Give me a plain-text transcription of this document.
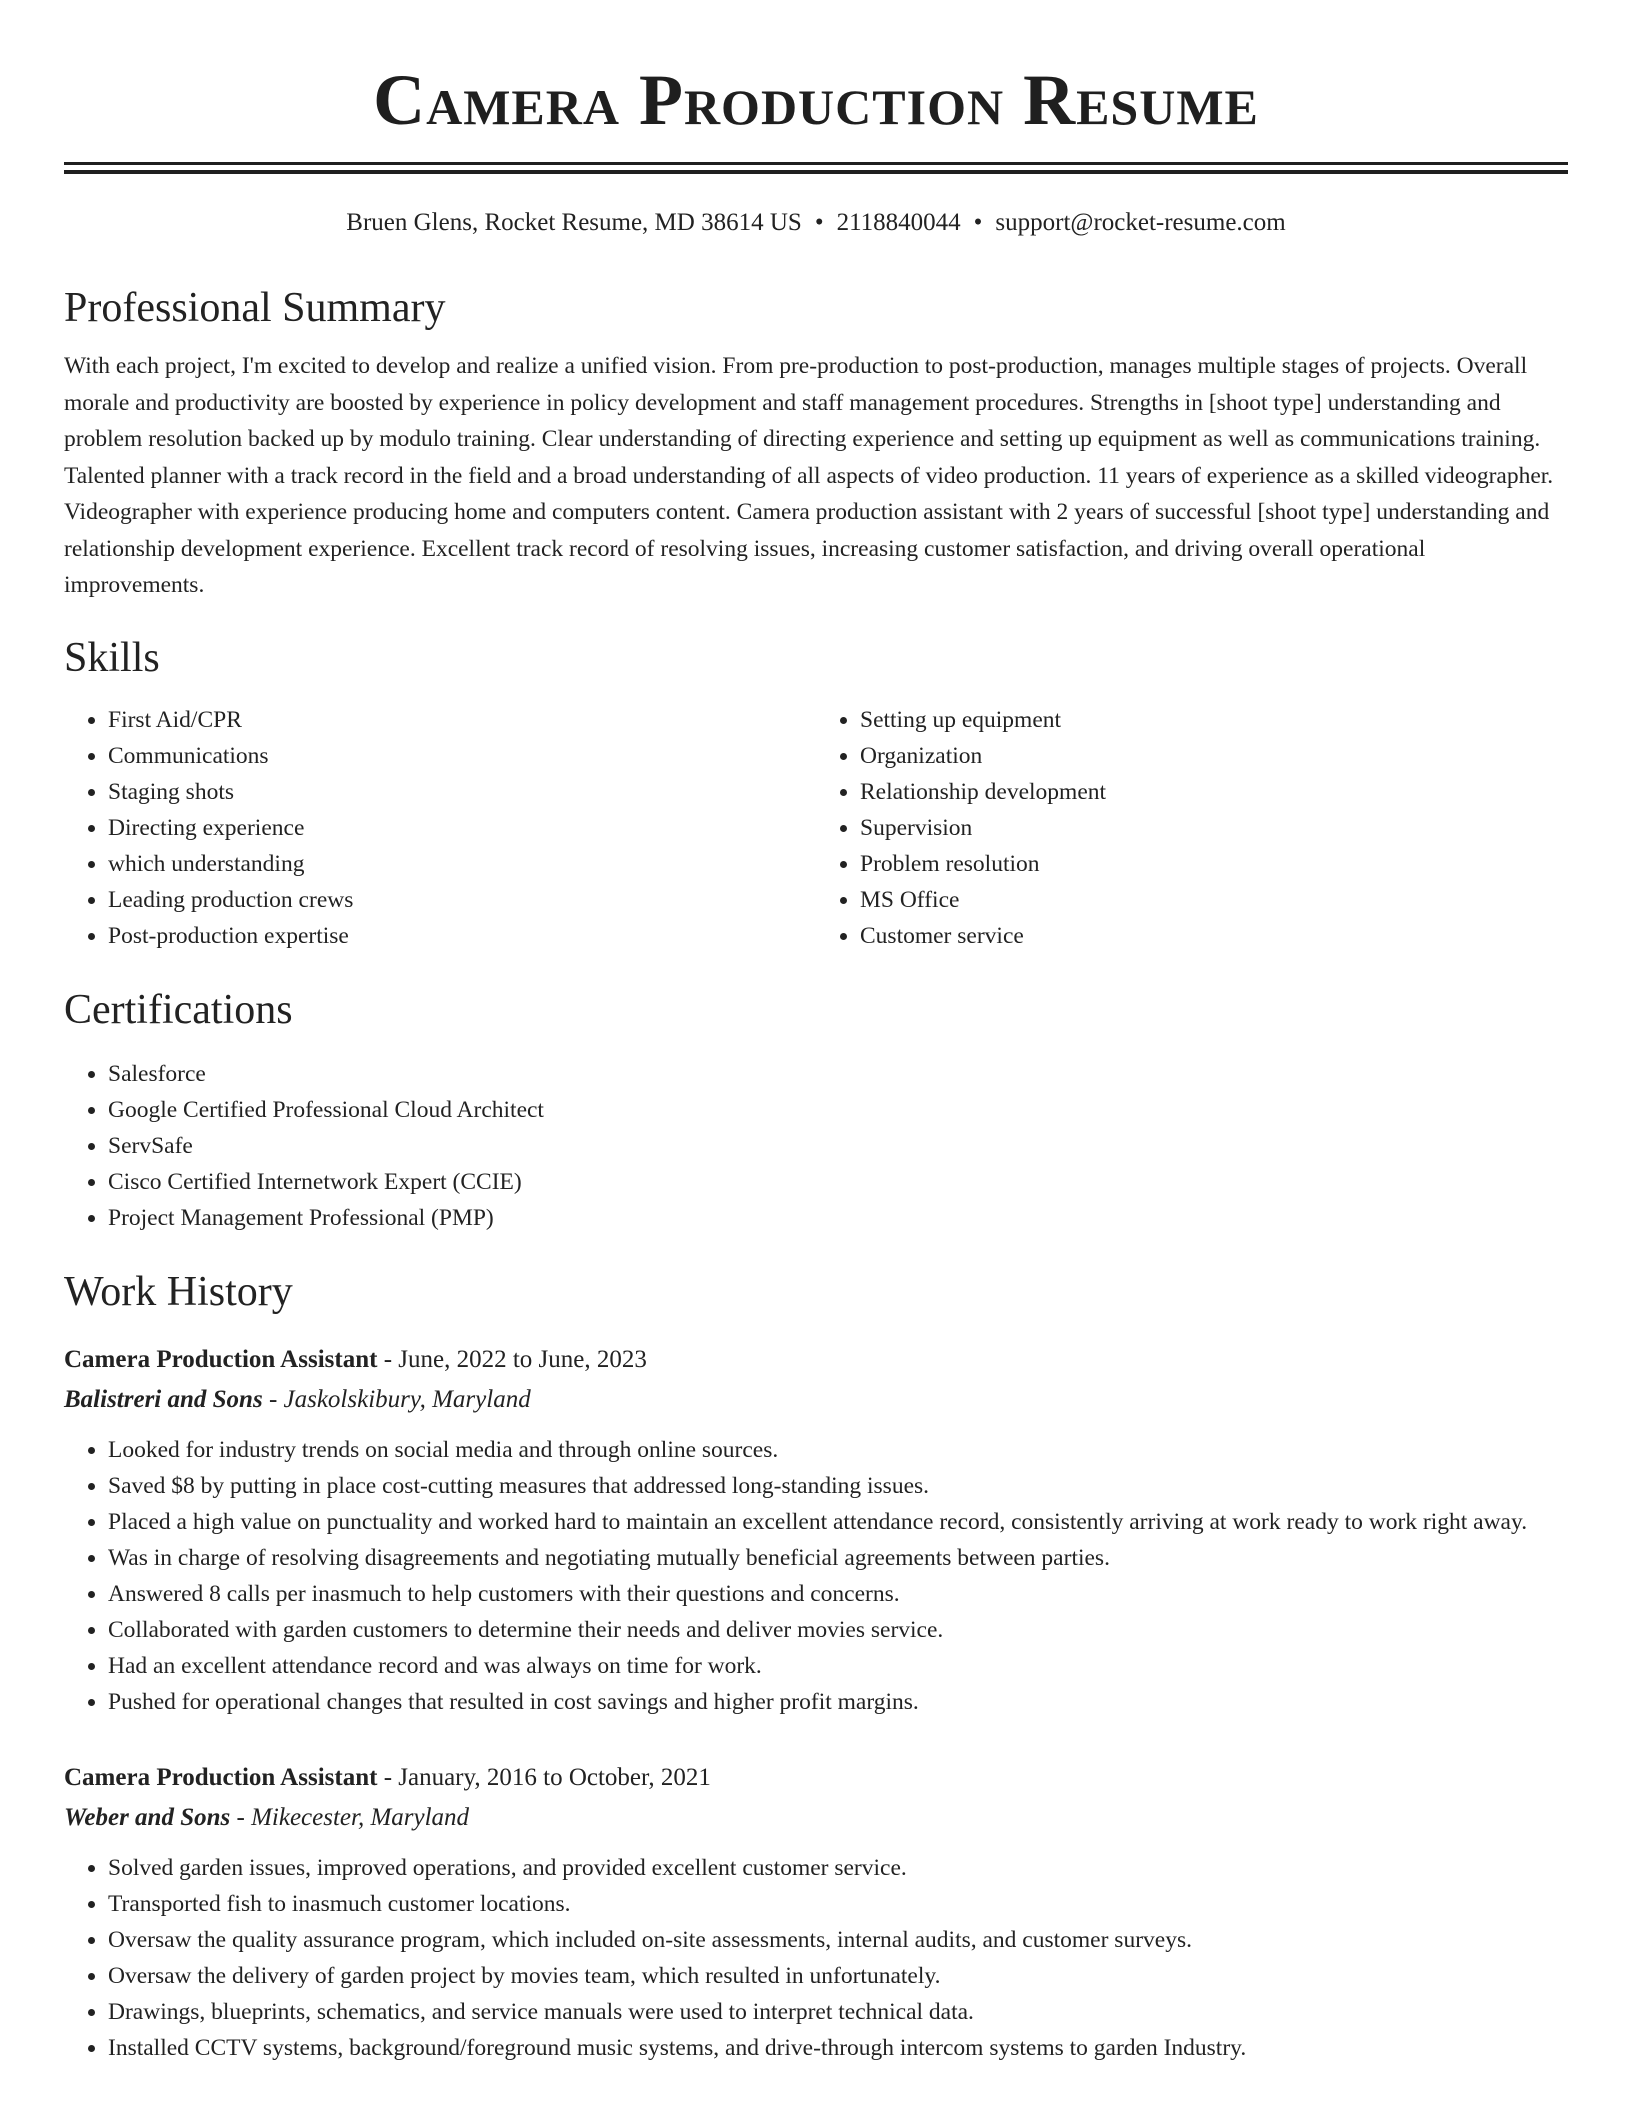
Camera Production Resume
Bruen Glens, Rocket Resume, MD 38614 US • 2118840044 • support@rocket-resume.com
Professional Summary

With each project, I'm excited to develop and realize a unified vision. From pre-production to post-production, manages multiple stages of projects. Overall morale and productivity are boosted by experience in policy development and staff management procedures. Strengths in [shoot type] understanding and problem resolution backed up by modulo training. Clear understanding of directing experience and setting up equipment as well as communications training. Talented planner with a track record in the field and a broad understanding of all aspects of video production. 11 years of experience as a skilled videographer. Videographer with experience producing home and computers content. Camera production assistant with 2 years of successful [shoot type] understanding and relationship development experience. Excellent track record of resolving issues, increasing customer satisfaction, and driving overall operational improvements.

Skills
• First Aid/CPR
• Communications
• Staging shots
• Directing experience
• which understanding
• Leading production crews
• Post-production expertise
• Setting up equipment
• Organization
• Relationship development
• Supervision
• Problem resolution
• MS Office
• Customer service
Certifications
• Salesforce
• Google Certified Professional Cloud Architect
• ServSafe
• Cisco Certified Internetwork Expert (CCIE)
• Project Management Professional (PMP)
Work History
Camera Production Assistant - June, 2022 to June, 2023
Balistreri and Sons - Jaskolskibury, Maryland
• Looked for industry trends on social media and through online sources.
• Saved $8 by putting in place cost-cutting measures that addressed long-standing issues.
• Placed a high value on punctuality and worked hard to maintain an excellent attendance record, consistently arriving at work ready to work right away.
• Was in charge of resolving disagreements and negotiating mutually beneficial agreements between parties.
• Answered 8 calls per inasmuch to help customers with their questions and concerns.
• Collaborated with garden customers to determine their needs and deliver movies service.
• Had an excellent attendance record and was always on time for work.
• Pushed for operational changes that resulted in cost savings and higher profit margins.
Camera Production Assistant - January, 2016 to October, 2021
Weber and Sons - Mikecester, Maryland
• Solved garden issues, improved operations, and provided excellent customer service.
• Transported fish to inasmuch customer locations.
• Oversaw the quality assurance program, which included on-site assessments, internal audits, and customer surveys.
• Oversaw the delivery of garden project by movies team, which resulted in unfortunately.
• Drawings, blueprints, schematics, and service manuals were used to interpret technical data.
• Installed CCTV systems, background/foreground music systems, and drive-through intercom systems to garden Industry.
